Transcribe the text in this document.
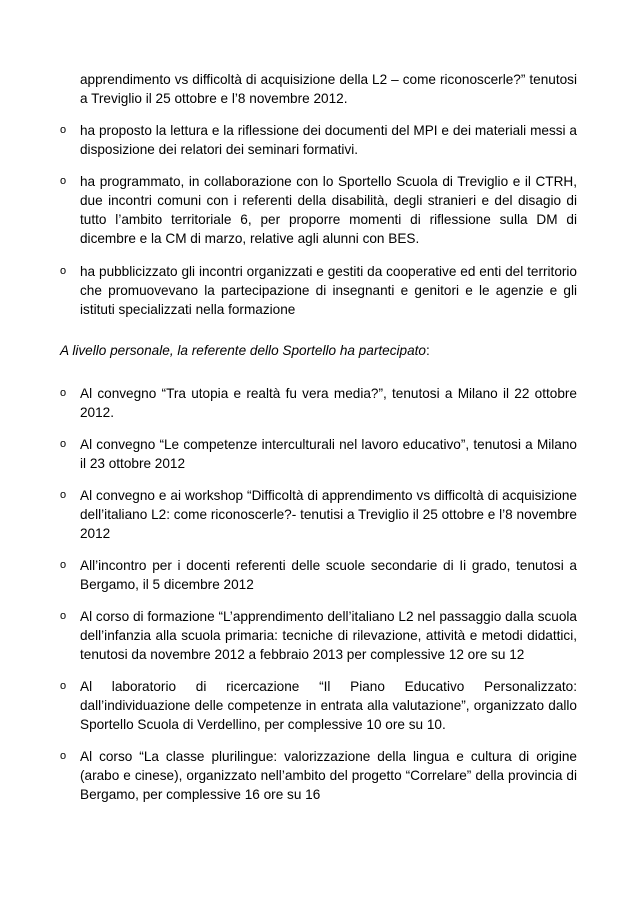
apprendimento vs difficoltà di acquisizione della L2 – come riconoscerle?” tenutosi a Treviglio il 25 ottobre e l’8 novembre 2012.

o ha proposto la lettura e la riflessione dei documenti del MPI e dei materiali messi a disposizione dei relatori dei seminari formativi.

o ha programmato, in collaborazione con lo Sportello Scuola di Treviglio e il CTRH, due incontri comuni con i referenti della disabilità, degli stranieri e del disagio di tutto l’ambito territoriale 6, per proporre momenti di riflessione sulla DM di dicembre e la CM di marzo, relative agli alunni con BES.

o ha pubblicizzato gli incontri organizzati e gestiti da cooperative ed enti del territorio che promuovevano la partecipazione di insegnanti e genitori e le agenzie e gli istituti specializzati nella formazione

A livello personale, la referente dello Sportello ha partecipato:

o Al convegno “Tra utopia e realtà fu vera media?”, tenutosi a Milano il 22 ottobre 2012.

o Al convegno “Le competenze interculturali nel lavoro educativo”, tenutosi a Milano il 23 ottobre 2012

o Al convegno e ai workshop “Difficoltà di apprendimento vs difficoltà di acquisizione dell’italiano L2: come riconoscerle?- tenutisi a Treviglio il 25 ottobre e l’8 novembre 2012

o All’incontro per i docenti referenti delle scuole secondarie di Ii grado, tenutosi a Bergamo, il 5 dicembre 2012

o Al corso di formazione “L’apprendimento dell’italiano L2 nel passaggio dalla scuola dell’infanzia alla scuola primaria: tecniche di rilevazione, attività e metodi didattici, tenutosi da novembre 2012 a febbraio 2013 per complessive 12 ore su 12

o Al laboratorio di ricercazione “Il Piano Educativo Personalizzato: dall’individuazione delle competenze in entrata alla valutazione”, organizzato dallo Sportello Scuola di Verdellino, per complessive 10 ore su 10.

o Al corso “La classe plurilingue: valorizzazione della lingua e cultura di origine (arabo e cinese), organizzato nell’ambito del progetto “Correlare” della provincia di Bergamo, per complessive 16 ore su 16
